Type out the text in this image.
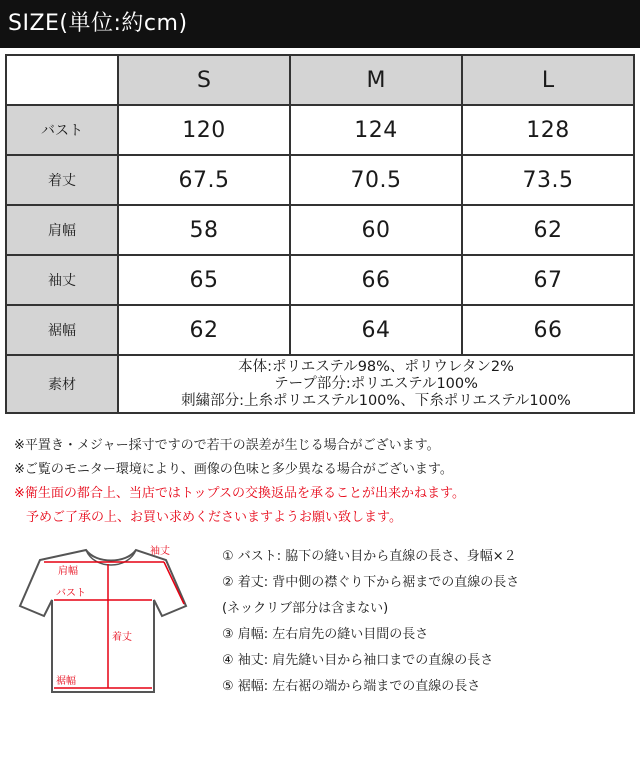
SIZE(単位:約cm)
	S	M	L
バスト	120	124	128
着丈	67.5	70.5	73.5
肩幅	58	60	62
袖丈	65	66	67
裾幅	62	64	66
素材	本体:ポリエステル98%、ポリウレタン2%
テープ部分:ポリエステル100%
刺繍部分:上糸ポリエステル100%、下糸ポリエステル100%		
※平置き・メジャー採寸ですので若干の誤差が生じる場合がございます。
※ご覧のモニター環境により、画像の色味と多少異なる場合がございます。
※衛生面の都合上、当店ではトップスの交換返品を承ることが出来かねます。
予めご了承の上、お買い求めくださいますようお願い致します。
袖丈
肩幅
バスト
着丈
裾幅
① バスト: 脇下の縫い目から直線の長さ、身幅×２
② 着丈: 背中側の襟ぐり下から裾までの直線の長さ
(ネックリブ部分は含まない)
③ 肩幅: 左右肩先の縫い目間の長さ
④ 袖丈: 肩先縫い目から袖口までの直線の長さ
⑤ 裾幅: 左右裾の端から端までの直線の長さ
